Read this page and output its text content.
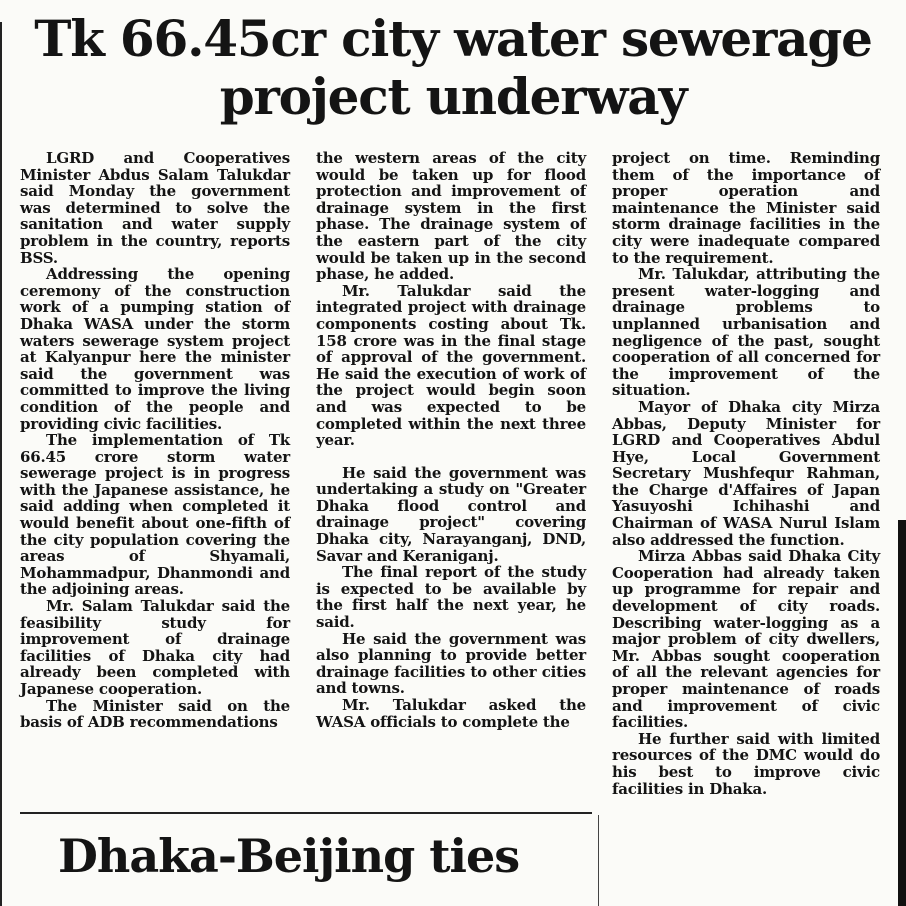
Tk 66.45cr city water sewerage
project underway

LGRD and Cooperatives Minister Abdus Salam Talukdar said Monday the government was determined to solve the sanitation and water supply problem in the country, reports BSS.

Addressing the opening ceremony of the construction work of a pumping station of Dhaka WASA under the storm waters sewerage system project at Kalyanpur here the minister said the government was committed to improve the living condition of the people and providing civic facilities.

The implementation of Tk 66.45 crore storm water sewerage project is in progress with the Japanese assistance, he said adding when completed it would benefit about one-fifth of the city population covering the areas of Shyamali, Mohammadpur, Dhanmondi and the adjoining areas.

Mr. Salam Talukdar said the feasibility study for improvement of drainage facilities of Dhaka city had already been completed with Japanese cooperation.

The Minister said on the basis of ADB recommendations

the western areas of the city would be taken up for flood protection and improvement of drainage system in the first phase. The drainage system of the eastern part of the city would be taken up in the second phase, he added.

Mr. Talukdar said the integrated project with drainage components costing about Tk. 158 crore was in the final stage of approval of the government. He said the execution of work of the project would begin soon and was expected to be completed within the next three year.

He said the government was undertaking a study on "Greater Dhaka flood control and drainage project" covering Dhaka city, Narayanganj, DND, Savar and Keraniganj.

The final report of the study is expected to be available by the first half the next year, he said.

He said the government was also planning to provide better drainage facilities to other cities and towns.

Mr. Talukdar asked the WASA officials to complete the

project on time. Reminding them of the importance of proper operation and maintenance the Minister said storm drainage facilities in the city were inadequate compared to the requirement.

Mr. Talukdar, attributing the present water-logging and drainage problems to unplanned urbanisation and negligence of the past, sought cooperation of all concerned for the improvement of the situation.

Mayor of Dhaka city Mirza Abbas, Deputy Minister for LGRD and Cooperatives Abdul Hye, Local Government Secretary Mushfequr Rahman, the Charge d'Affaires of Japan Yasuyoshi Ichihashi and Chairman of WASA Nurul Islam also addressed the function.

Mirza Abbas said Dhaka City Cooperation had already taken up programme for repair and development of city roads. Describing water-logging as a major problem of city dwellers, Mr. Abbas sought cooperation of all the relevant agencies for proper maintenance of roads and improvement of civic facilities.

He further said with limited resources of the DMC would do his best to improve civic facilities in Dhaka.

Dhaka-Beijing ties
